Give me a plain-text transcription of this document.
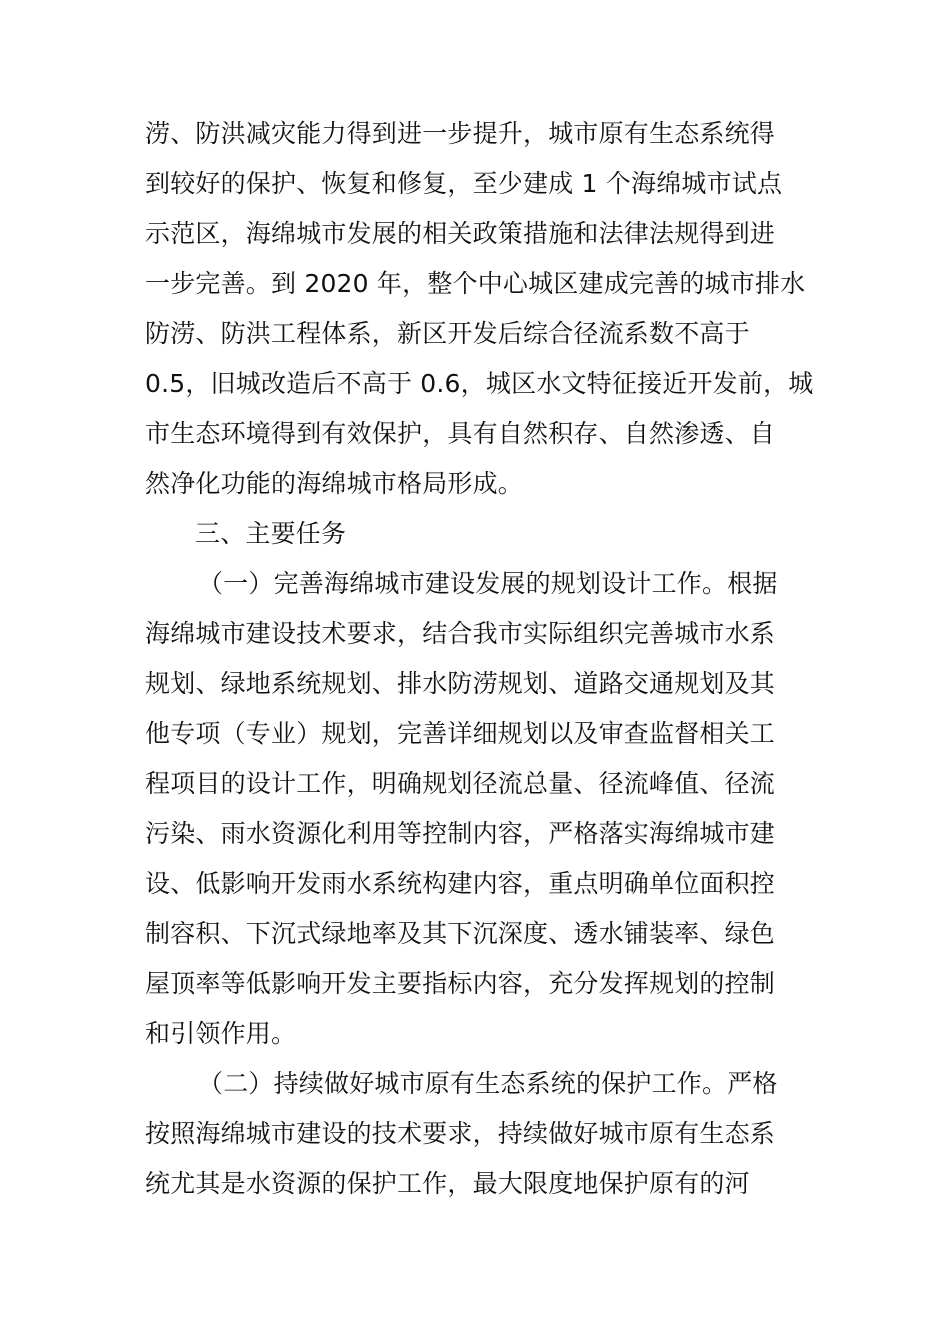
涝、防洪减灾能力得到进一步提升，城市原有生态系统得
到较好的保护、恢复和修复，至少建成 1 个海绵城市试点
示范区，海绵城市发展的相关政策措施和法律法规得到进
一步完善。到 2020 年，整个中心城区建成完善的城市排水
防涝、防洪工程体系，新区开发后综合径流系数不高于
0.5，旧城改造后不高于 0.6，城区水文特征接近开发前，城
市生态环境得到有效保护，具有自然积存、自然渗透、自
然净化功能的海绵城市格局形成。
三、主要任务
（一）完善海绵城市建设发展的规划设计工作。根据
海绵城市建设技术要求，结合我市实际组织完善城市水系
规划、绿地系统规划、排水防涝规划、道路交通规划及其
他专项（专业）规划，完善详细规划以及审查监督相关工
程项目的设计工作，明确规划径流总量、径流峰值、径流
污染、雨水资源化利用等控制内容，严格落实海绵城市建
设、低影响开发雨水系统构建内容，重点明确单位面积控
制容积、下沉式绿地率及其下沉深度、透水铺装率、绿色
屋顶率等低影响开发主要指标内容，充分发挥规划的控制
和引领作用。
（二）持续做好城市原有生态系统的保护工作。严格
按照海绵城市建设的技术要求，持续做好城市原有生态系
统尤其是水资源的保护工作，最大限度地保护原有的河
